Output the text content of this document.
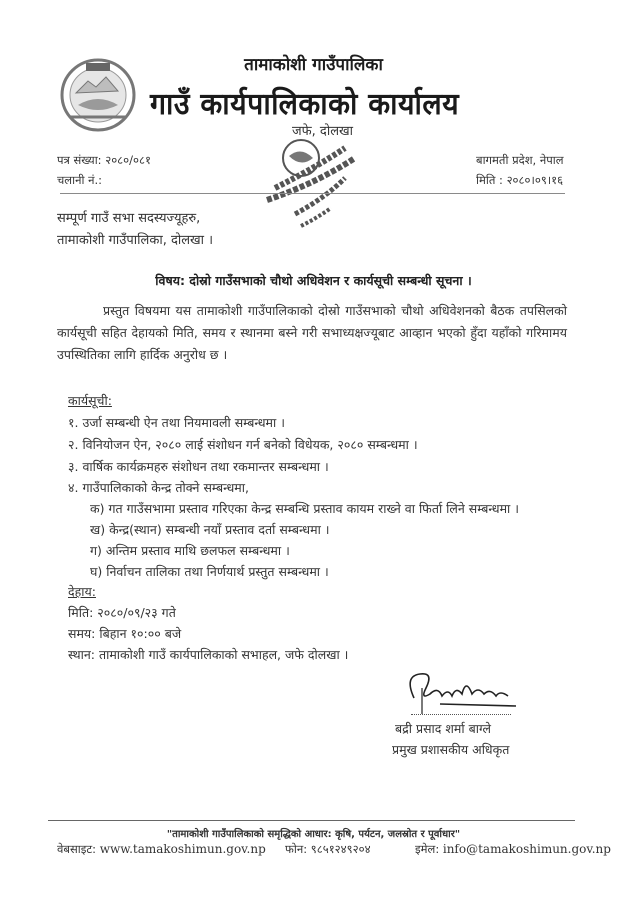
तामाकोशी गाउँपालिका
गाउँ कार्यपालिकाको कार्यालय
जफे, दोलखा
पत्र संख्या: २०८०/०८१
चलानी नं.:
बागमती प्रदेश, नेपाल
मिति : २०८०।०९।१६
सम्पूर्ण गाउँ सभा सदस्यज्यूहरु,
तामाकोशी गाउँपालिका, दोलखा ।
विषय: दोस्रो गाउँसभाको चौथो अधिवेशन र कार्यसूची सम्बन्धी सूचना ।
प्रस्तुत विषयमा यस तामाकोशी गाउँपालिकाको दोस्रो गाउँसभाको चौथो अधिवेशनको बैठक तपसिलको कार्यसूची सहित देहायको मिति, समय र स्थानमा बस्ने गरी सभाध्यक्षज्यूबाट आव्हान भएको हुँदा यहाँको गरिमामय उपस्थितिका लागि हार्दिक अनुरोध छ ।
कार्यसूची:
१. उर्जा सम्बन्धी ऐन तथा नियमावली सम्बन्धमा ।
२. विनियोजन ऐन, २०८० लाई संशोधन गर्न बनेको विधेयक, २०८० सम्बन्धमा ।
३. वार्षिक कार्यक्रमहरु संशोधन तथा रकमान्तर सम्बन्धमा ।
४. गाउँपालिकाको केन्द्र तोक्ने सम्बन्धमा,
क) गत गाउँसभामा प्रस्ताव गरिएका केन्द्र सम्बन्धि प्रस्ताव कायम राख्ने वा फिर्ता लिने सम्बन्धमा ।
ख) केन्द्र(स्थान) सम्बन्धी नयाँ प्रस्ताव दर्ता सम्बन्धमा ।
ग) अन्तिम प्रस्ताव माथि छलफल सम्बन्धमा ।
घ) निर्वाचन तालिका तथा निर्णयार्थ प्रस्तुत सम्बन्धमा ।
देहाय:
मिति: २०८०/०९/२३ गते
समय: बिहान १०:०० बजे
स्थान: तामाकोशी गाउँ कार्यपालिकाको सभाहल, जफे दोलखा ।
बद्री प्रसाद शर्मा बाग्ले
प्रमुख प्रशासकीय अधिकृत
"तामाकोशी गाउँपालिकाको समृद्धिको आधार: कृषि, पर्यटन, जलस्रोत र पूर्वाधार"
वेबसाइट: www.tamakoshimun.gov.np फोन: ९८५१२४९२०४	इमेल: info@tamakoshimun.gov.np
